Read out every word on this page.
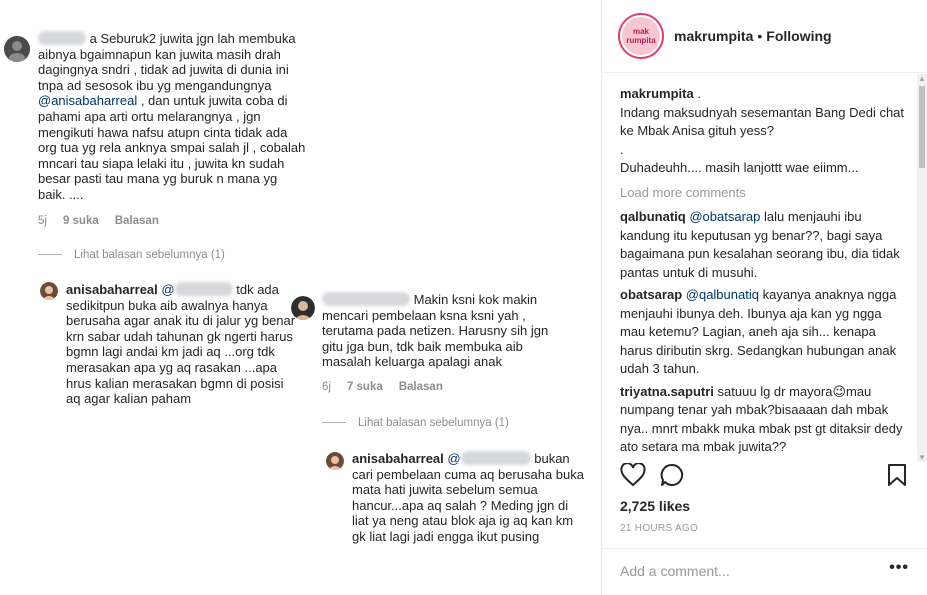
a Seburuk2 juwita jgn lah membuka aibnya bgaimnapun kan juwita masih drah dagingnya sndri , tidak ad juwita di dunia ini tnpa ad sesosok ibu yg mengandungnya @anisabaharreal , dan untuk juwita coba di pahami apa arti ortu melarangnya , jgn mengikuti hawa nafsu atupn cinta tidak ada org tua yg rela anknya smpai salah jl , cobalah mncari tau siapa lelaki itu , juwita kn sudah besar pasti tau mana yg buruk n mana yg baik. ....
5j 9 suka Balasan
Lihat balasan sebelumnya (1)
anisabaharreal @	tdk ada sedikitpun buka aib awalnya hanya berusaha agar anak itu di jalur yg benar krn sabar udah tahunan gk ngerti harus bgmn lagi andai km jadi aq ...org tdk merasakan apa yg aq rasakan ...apa hrus kalian merasakan bgmn di posisi aq agar kalian paham
Makin ksni kok makin mencari pembelaan ksna ksni yah , terutama pada netizen. Harusny sih jgn gitu jga bun, tdk baik membuka aib masalah keluarga apalagi anak
6j 7 suka Balasan
Lihat balasan sebelumnya (1)
anisabaharreal @	bukan cari pembelaan cuma aq berusaha buka mata hati juwita sebelum semua hancur...apa aq salah ? Meding jgn di liat ya neng atau blok aja ig aq kan km gk liat lagi jadi engga ikut pusing
mak
rumpita makrumpita • Following

makrumpita .
Indang maksudnyah sesemantan Bang Dedi chat ke Mbak Anisa gituh yess?
.
Duhadeuhh.... masih lanjottt wae eiimm...

Load more comments

qalbunatiq @obatsarap lalu menjauhi ibu kandung itu keputusan yg benar??, bagi saya bagaimana pun kesalahan seorang ibu, dia tidak pantas untuk di musuhi.

obatsarap @qalbunatiq kayanya anaknya ngga menjauhi ibunya deh. Ibunya aja kan yg ngga mau ketemu? Lagian, aneh aja sih... kenapa harus diributin skrg. Sedangkan hubungan anak udah 3 tahun.

triyatna.saputri satuuu lg dr mayora😉mau numpang tenar yah mbak?bisaaaan dah mbak nya.. mnrt mbakk muka mbak pst gt ditaksir dedy ato setara ma mbak juwita??

▲
▼
2,725 likes
21 HOURS AGO
Add a comment...	•••
